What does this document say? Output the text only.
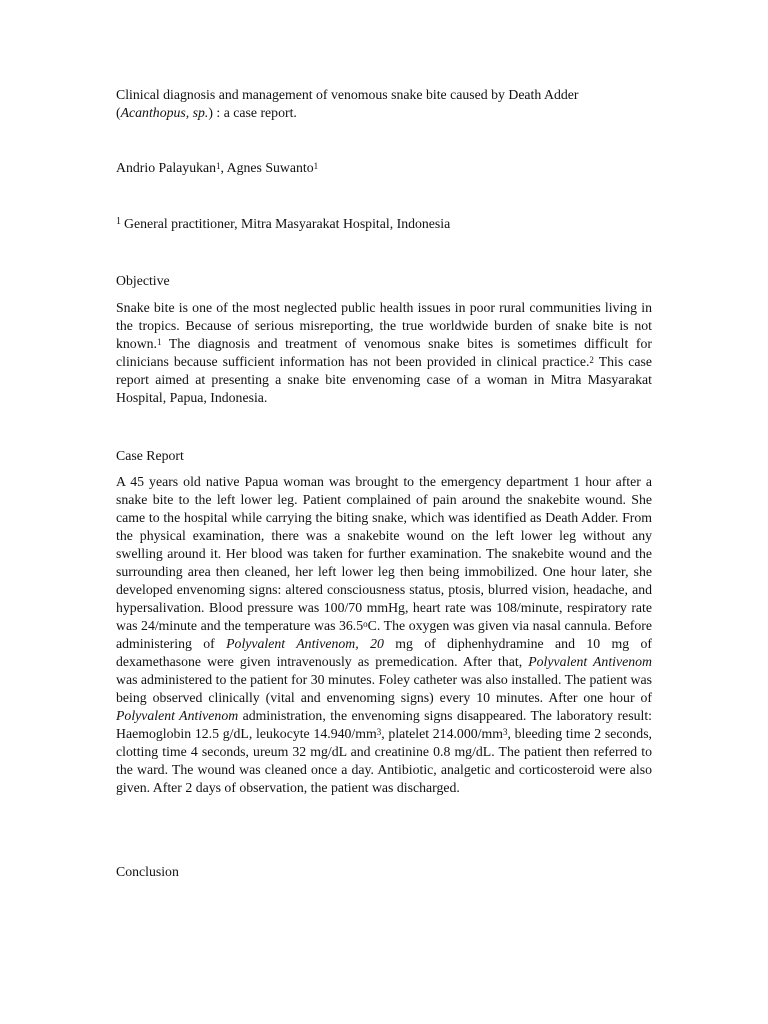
Clinical diagnosis and management of venomous snake bite caused by Death Adder
(Acanthopus, sp.) : a case report.

Andrio Palayukan$^1$, Agnes Suwanto$^1$

$^1$ General practitioner, Mitra Masyarakat Hospital, Indonesia

Objective

Snake bite is one of the most neglected public health issues in poor rural communities living in the tropics. Because of serious misreporting, the true worldwide burden of snake bite is not known.$^1$ The diagnosis and treatment of venomous snake bites is sometimes difficult for clinicians because sufficient information has not been provided in clinical practice.$^2$ This case report aimed at presenting a snake bite envenoming case of a woman in Mitra Masyarakat Hospital, Papua, Indonesia.

Case Report

A 45 years old native Papua woman was brought to the emergency department 1 hour after a snake bite to the left lower leg. Patient complained of pain around the snakebite wound. She came to the hospital while carrying the biting snake, which was identified as Death Adder. From the physical examination, there was a snakebite wound on the left lower leg without any swelling around it. Her blood was taken for further examination. The snakebite wound and the surrounding area then cleaned, her left lower leg then being immobilized. One hour later, she developed envenoming signs: altered consciousness status, ptosis, blurred vision, headache, and hypersalivation. Blood pressure was 100/70 mmHg, heart rate was 108/minute, respiratory rate was 24/minute and the temperature was 36.5$^o$C. The oxygen was given via nasal cannula. Before administering of Polyvalent Antivenom, 20 mg of diphenhydramine and 10 mg of dexamethasone were given intravenously as premedication. After that, Polyvalent Antivenom was administered to the patient for 30 minutes. Foley catheter was also installed. The patient was being observed clinically (vital and envenoming signs) every 10 minutes. After one hour of Polyvalent Antivenom administration, the envenoming signs disappeared. The laboratory result: Haemoglobin 12.5 g/dL, leukocyte $14.940/mm^3$, platelet $214.000/mm^3$, bleeding time 2 seconds, clotting time 4 seconds, ureum 32 mg/dL and creatinine 0.8 mg/dL. The patient then referred to the ward. The wound was cleaned once a day. Antibiotic, analgetic and corticosteroid were also given. After 2 days of observation, the patient was discharged.

Conclusion
